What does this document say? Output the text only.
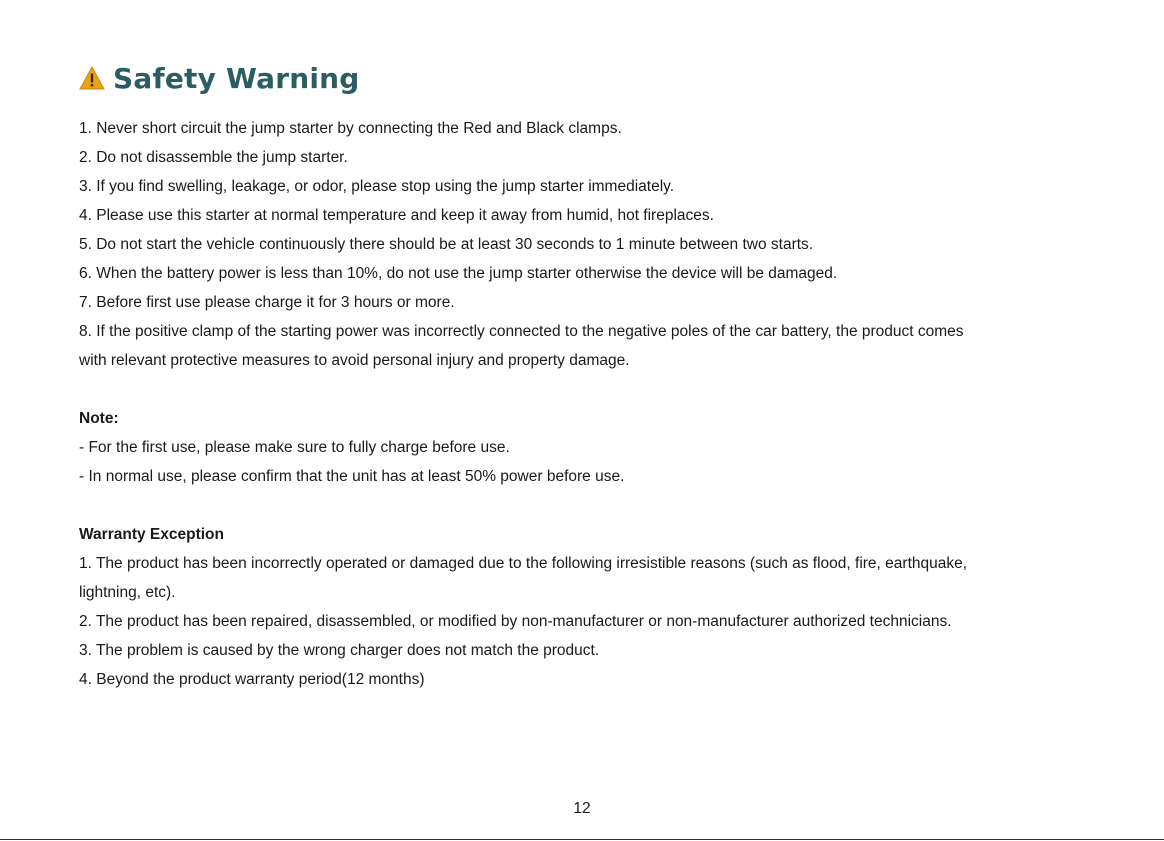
Safety Warning
1. Never short circuit the jump starter by connecting the Red and Black clamps.
2. Do not disassemble the jump starter.
3. If you find swelling, leakage, or odor, please stop using the jump starter immediately.
4. Please use this starter at normal temperature and keep it away from humid, hot fireplaces.
5. Do not start the vehicle continuously there should be at least 30 seconds to 1 minute between two starts.
6. When the battery power is less than 10%, do not use the jump starter otherwise the device will be damaged.
7. Before first use please charge it for 3 hours or more.
8. If the positive clamp of the starting power was incorrectly connected to the negative poles of the car battery, the product comes
with relevant protective measures to avoid personal injury and property damage.
Note:
- For the first use, please make sure to fully charge before use.
- In normal use, please confirm that the unit has at least 50% power before use.
Warranty Exception
1. The product has been incorrectly operated or damaged due to the following irresistible reasons (such as flood, fire, earthquake,
lightning, etc).
2. The product has been repaired, disassembled, or modified by non-manufacturer or non-manufacturer authorized technicians.
3. The problem is caused by the wrong charger does not match the product.
4. Beyond the product warranty period(12 months)
12
